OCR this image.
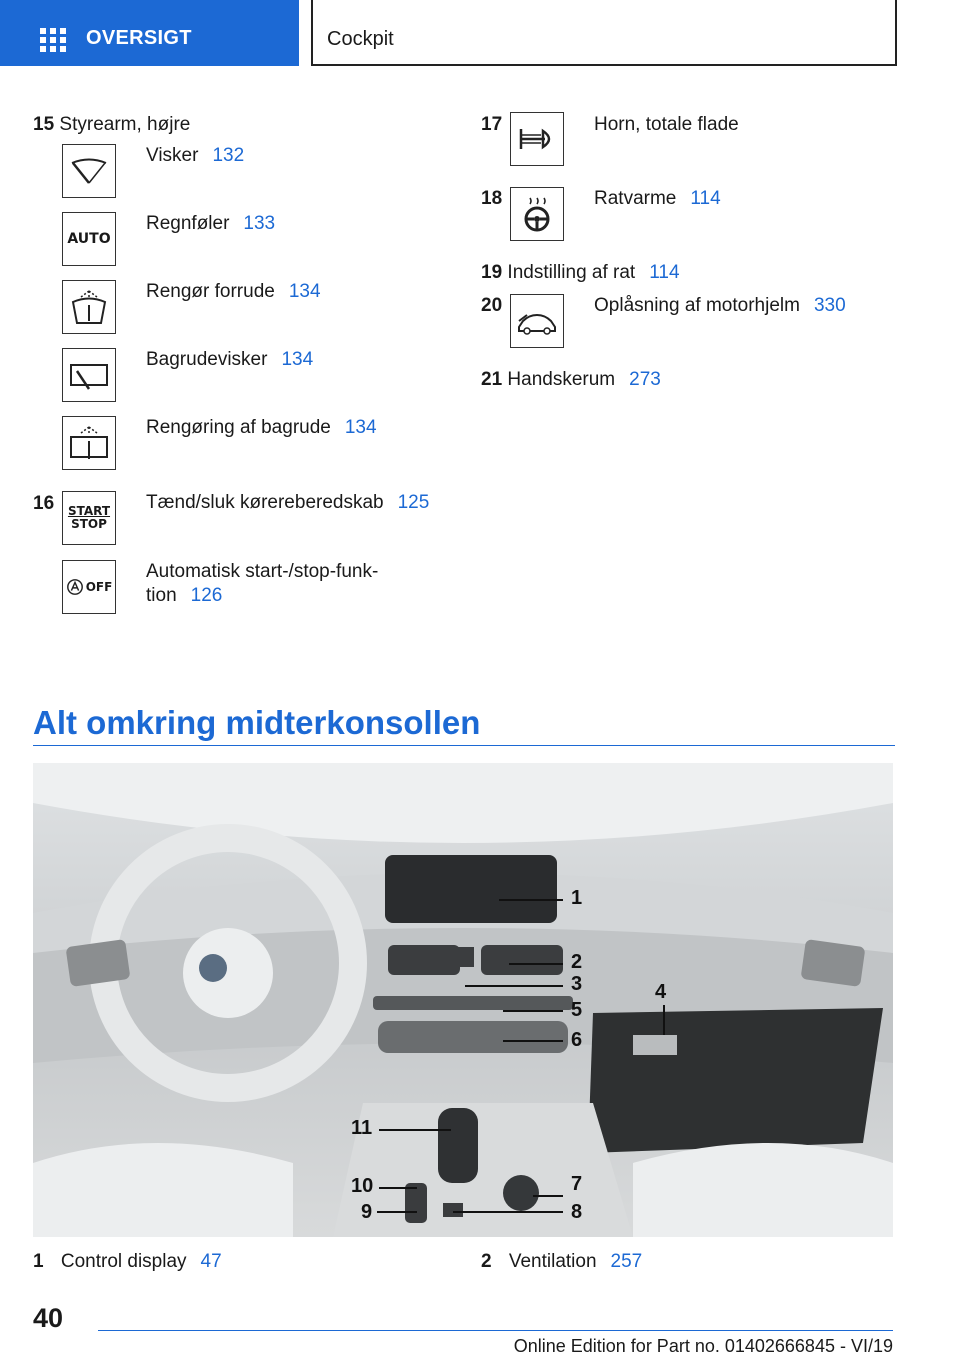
OVERSIGT	Cockpit
15 Styrearm, højre
Visker 132
AUTO
Regnføler 133
Rengør forrude 134
Bagrudevisker 134
Rengøring af bagrude 134
16 START
STOP
Tænd/sluk kørereberedskab 125
OFF
Automatisk start-/stop-funk-
tion 126
17	Horn, totale flade
18	Ratvarme 114
19 Indstilling af rat 114
20	Oplåsning af motorhjelm 330
21 Handskerum 273
Alt omkring midterkonsollen
1
2
3	4
5
6
7
8
9
10
11
1 Control display 47	2 Ventilation 257
40
Online Edition for Part no. 01402666845 - VI/19
